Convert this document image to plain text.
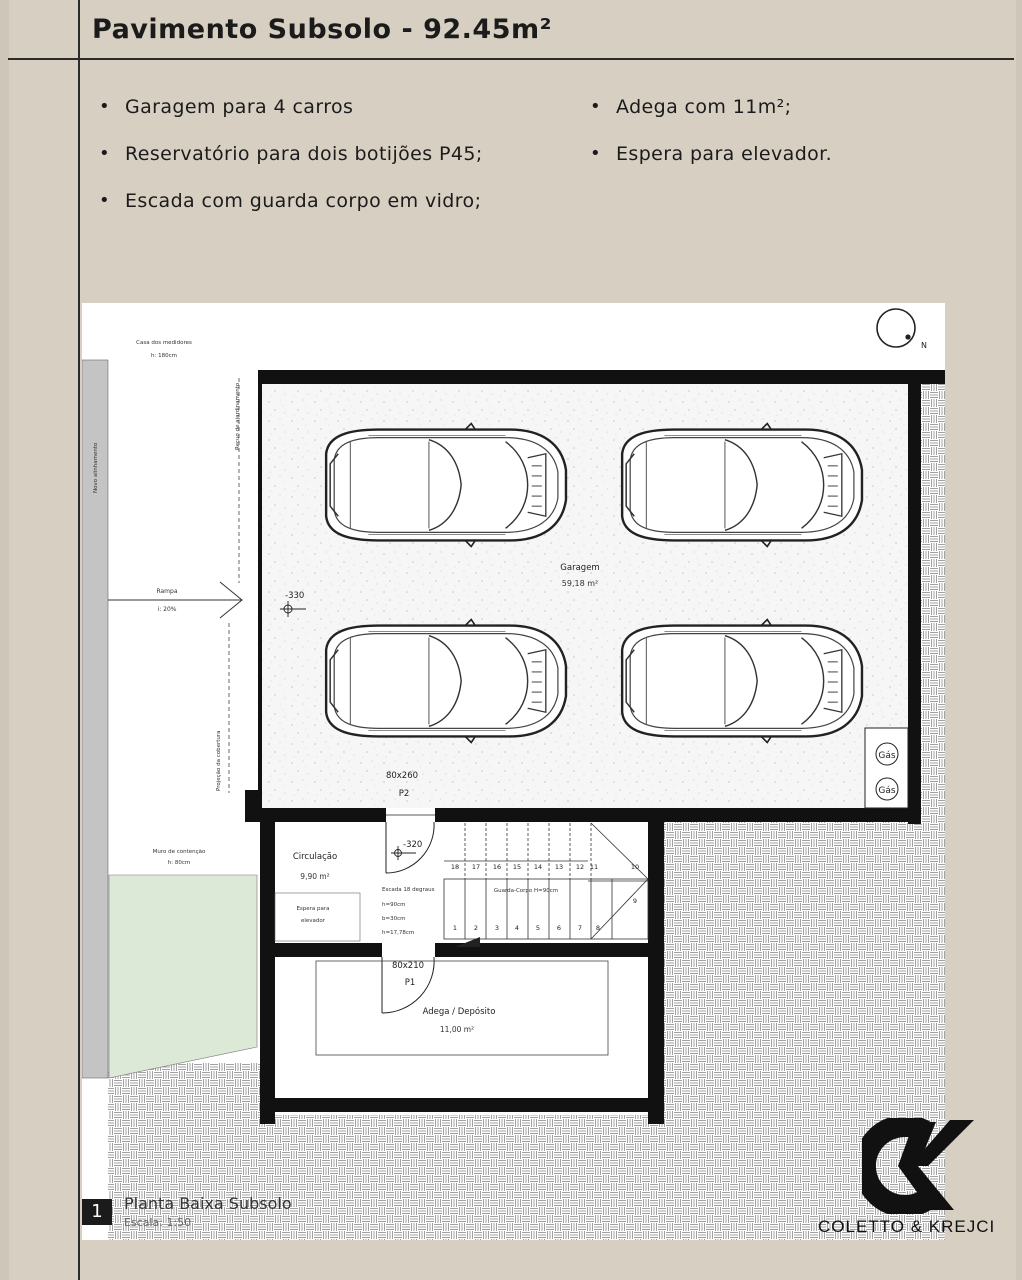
Pavimento Subsolo - 92.45m²
• Garagem para 4 carros
• Reservatório para dois botijões P45;
• Escada com guarda corpo em vidro;
• Adega com 11m²;
• Espera para elevador.
Gás
Gás
Garagem
59,18 m²
-330
Rampa
i: 20%
Casa dos medidores
h: 180cm
Novo alinhamento
Recuo de ajardinamento
Projeção da cobertura
Muro de contenção
h: 80cm
80x260
P2
Circulação
9,90 m²
-320
Espera para
elevador
Escada 18 degraus
h=90cm
b=30cm
h=17,78cm
1	2	3 4	5	6	7 8
18 17 16 15 14 13 12 11	10
9
Guarda-Corpo H=90cm
80x210
P1
Adega / Depósito
11,00 m²
N
1	Planta Baixa Subsolo
Escala: 1:50	COLETTO & KREJCI
